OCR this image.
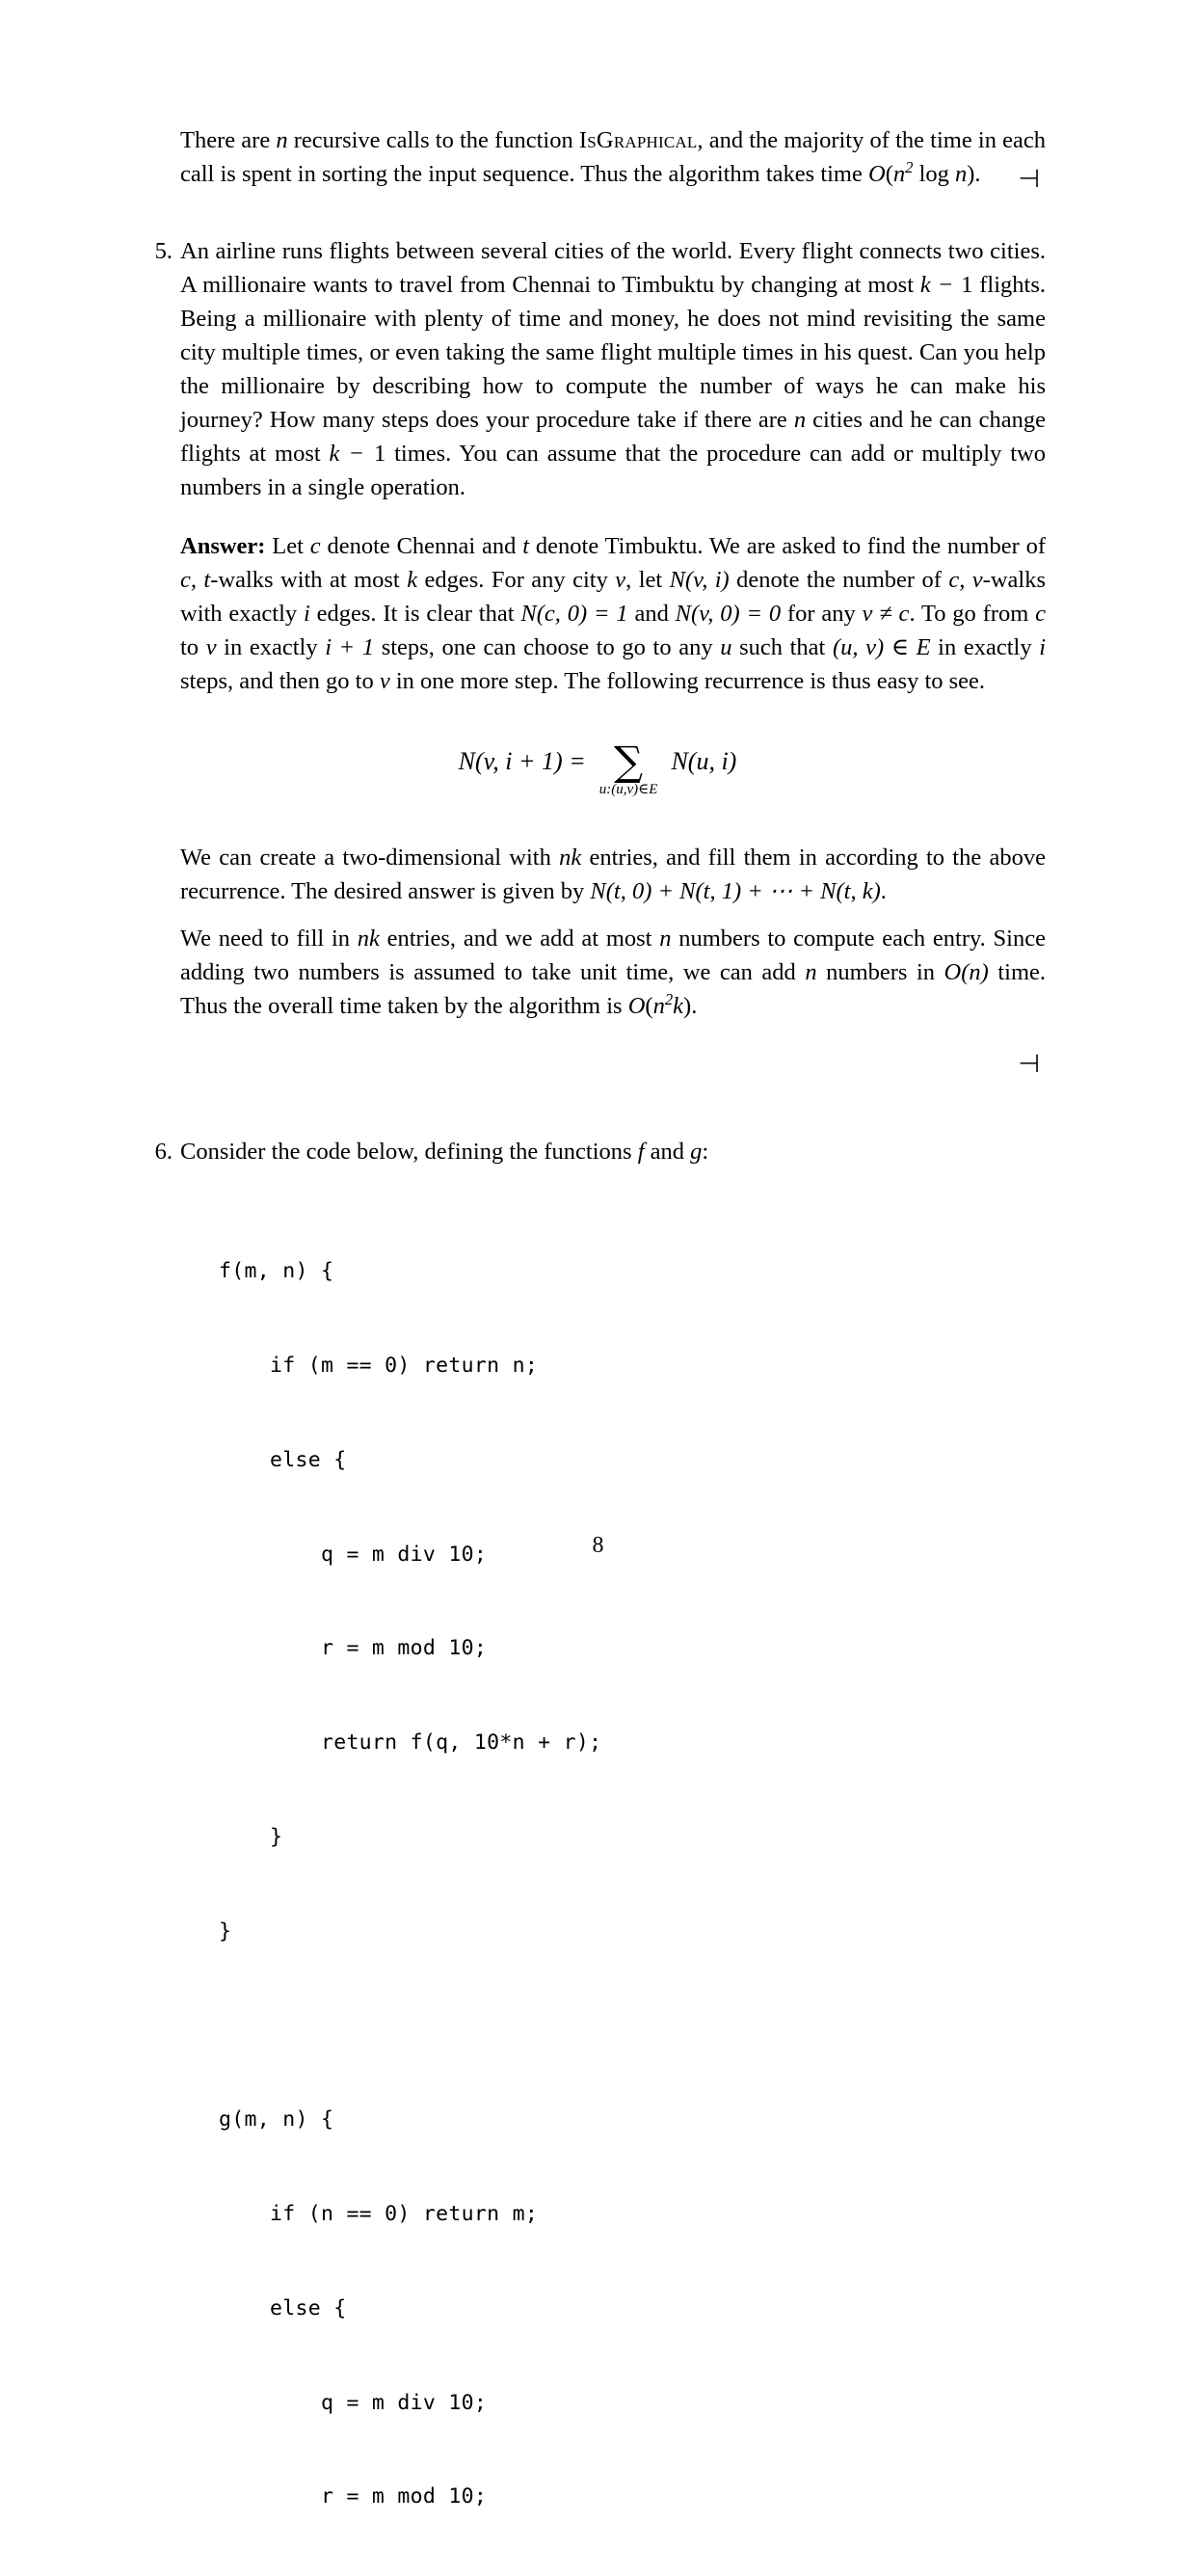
There are n recursive calls to the function IsGraphical, and the majority of the time in each call is spent in sorting the input sequence. Thus the algorithm takes time $O(n^2$ log n).	⊣
5. An airline runs flights between several cities of the world. Every flight connects two cities. A millionaire wants to travel from Chennai to Timbuktu by changing at most k − 1 flights. Being a millionaire with plenty of time and money, he does not mind revisiting the same city multiple times, or even taking the same flight multiple times in his quest. Can you help the millionaire by describing how to compute the number of ways he can make his journey? How many steps does your procedure take if there are n cities and he can change flights at most k − 1 times. You can assume that the procedure can add or multiply two numbers in a single operation.
Answer: Let c denote Chennai and t denote Timbuktu. We are asked to find the number of c, t-walks with at most k edges. For any city v, let N(v, i) denote the number of c, v-walks with exactly i edges. It is clear that N(c, 0) = 1 and N(v, 0) = 0 for any v ≠ c. To go from c to v in exactly i + 1 steps, one can choose to go to any u such that (u, v) ∈ E in exactly i steps, and then go to v in one more step. The following recurrence is thus easy to see.
N(v, i + 1) = ∑
u:(u,v)∈E
N(u, i)
We can create a two-dimensional with nk entries, and fill them in according to the above recurrence. The desired answer is given by N(t, 0) + N(t, 1) + ⋯ + N(t, k).
We need to fill in nk entries, and we add at most n numbers to compute each entry. Since adding two numbers is assumed to take unit time, we can add n numbers in O(n) time. Thus the overall time taken by the algorithm is $O(n^2k)$.
⊣
6. Consider the code below, defining the functions f and g:

f(m, n) {

if (m == 0) return n;

else {

q = m div 10;

r = m mod 10;

return f(q, 10*n + r);

}

}

g(m, n) {

if (n == 0) return m;

else {

q = m div 10;

r = m mod 10;

8
